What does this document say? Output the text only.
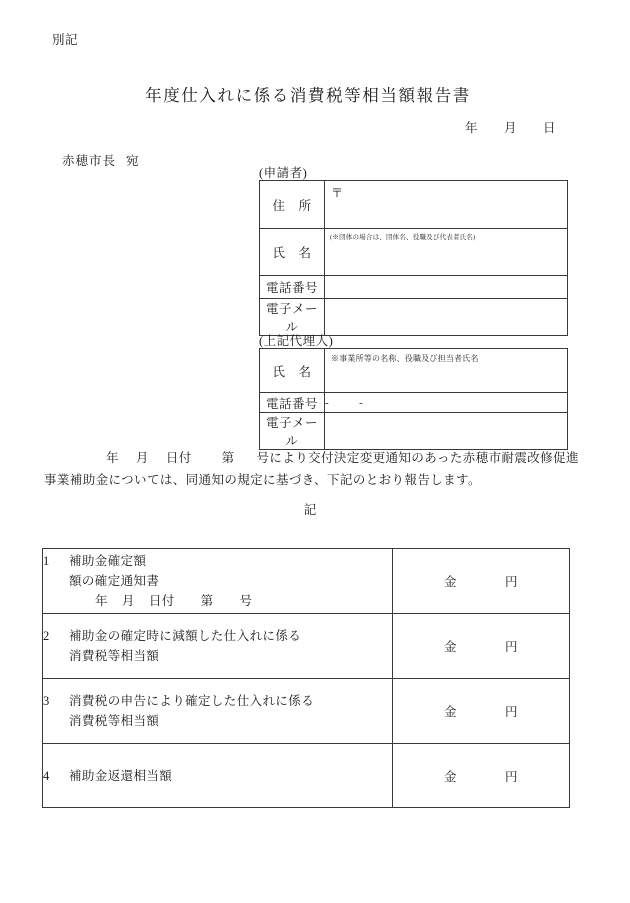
別記
年度仕入れに係る消費税等相当額報告書
年 月 日
赤穂市長 宛
(申請者)
住　所	〒

氏　名	(※団体の場合は、団体名、役職及び代表者氏名)

電話番号	
電子メール	
(上記代理人)
氏　名	※事業所等の名称、役職及び担当者氏名

電話番号	- -
電子メール	
年 月 日付 第 号により交付決定変更通知のあった赤穂市耐震改修促進
事業補助金については、同通知の規定に基づき、下記のとおり報告します。
記
1 補助金確定額
額の確定通知書
年 月 日付 第 号	金 円
2 補助金の確定時に減額した仕入れに係る
消費税等相当額	金 円
3 消費税の申告により確定した仕入れに係る
消費税等相当額	金 円
4 補助金返還相当額	金 円
